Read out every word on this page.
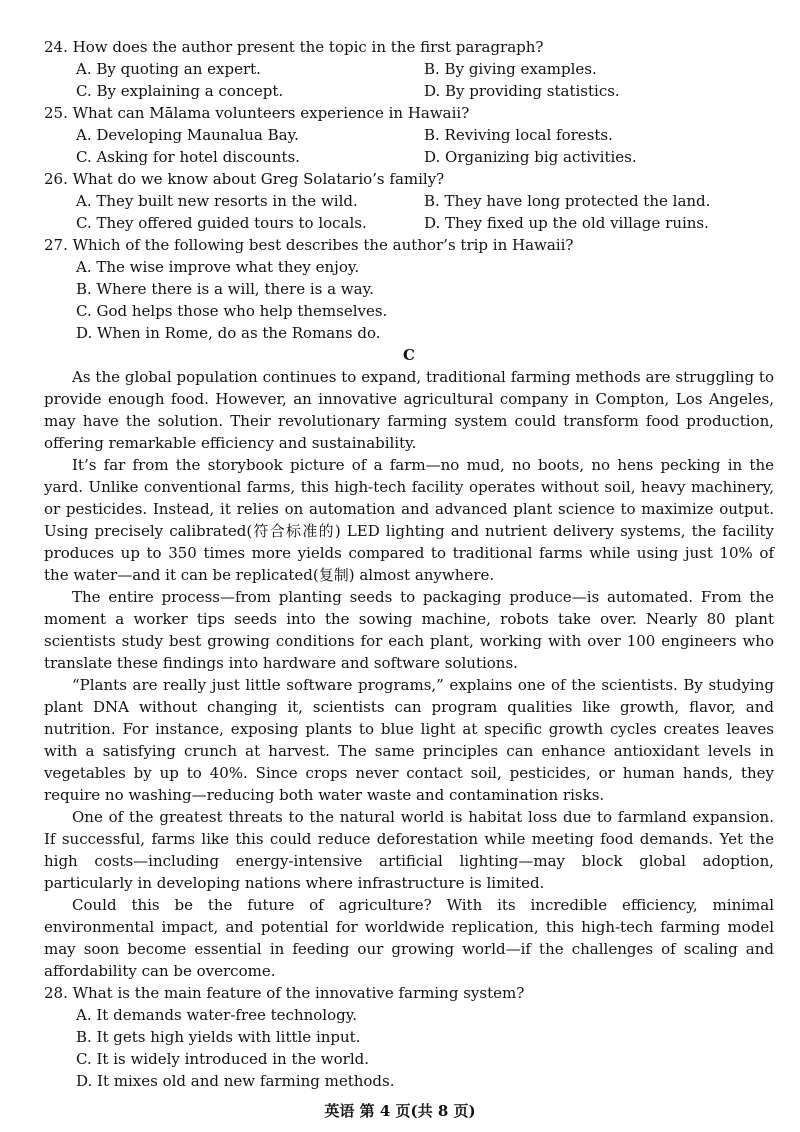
24. How does the author present the topic in the first paragraph?
A. By quoting an expert.	B. By giving examples.
C. By explaining a concept.	D. By providing statistics.
25. What can Mālama volunteers experience in Hawaii?
A. Developing Maunalua Bay.	B. Reviving local forests.
C. Asking for hotel discounts.	D. Organizing big activities.
26. What do we know about Greg Solatario’s family?
A. They built new resorts in the wild.	B. They have long protected the land.
C. They offered guided tours to locals.	D. They fixed up the old village ruins.
27. Which of the following best describes the author’s trip in Hawaii?
A. The wise improve what they enjoy.
B. Where there is a will, there is a way.
C. God helps those who help themselves.
D. When in Rome, do as the Romans do.
C

As the global population continues to expand, traditional farming methods are struggling to provide enough food. However, an innovative agricultural company in Compton, Los Angeles, may have the solution. Their revolutionary farming system could transform food production, offering remarkable efficiency and sustainability.

It’s far from the storybook picture of a farm—no mud, no boots, no hens pecking in the yard. Unlike conventional farms, this high-tech facility operates without soil, heavy machinery, or pesticides. Instead, it relies on automation and advanced plant science to maximize output. Using precisely calibrated(符合标准的) LED lighting and nutrient delivery systems, the facility produces up to 350 times more yields compared to traditional farms while using just 10% of the water—and it can be replicated(复制) almost anywhere.

The entire process—from planting seeds to packaging produce—is automated. From the moment a worker tips seeds into the sowing machine, robots take over. Nearly 80 plant scientists study best growing conditions for each plant, working with over 100 engineers who translate these findings into hardware and software solutions.

“Plants are really just little software programs,” explains one of the scientists. By studying plant DNA without changing it, scientists can program qualities like growth, flavor, and nutrition. For instance, exposing plants to blue light at specific growth cycles creates leaves with a satisfying crunch at harvest. The same principles can enhance antioxidant levels in vegetables by up to 40%. Since crops never contact soil, pesticides, or human hands, they require no washing—reducing both water waste and contamination risks.

One of the greatest threats to the natural world is habitat loss due to farmland expansion. If successful, farms like this could reduce deforestation while meeting food demands. Yet the high costs—including energy-intensive artificial lighting—may block global adoption, particularly in developing nations where infrastructure is limited.

Could this be the future of agriculture? With its incredible efficiency, minimal environmental impact, and potential for worldwide replication, this high-tech farming model may soon become essential in feeding our growing world—if the challenges of scaling and affordability can be overcome.

28. What is the main feature of the innovative farming system?
A. It demands water-free technology.
B. It gets high yields with little input.
C. It is widely introduced in the world.
D. It mixes old and new farming methods.
英语 第 4 页(共 8 页)
